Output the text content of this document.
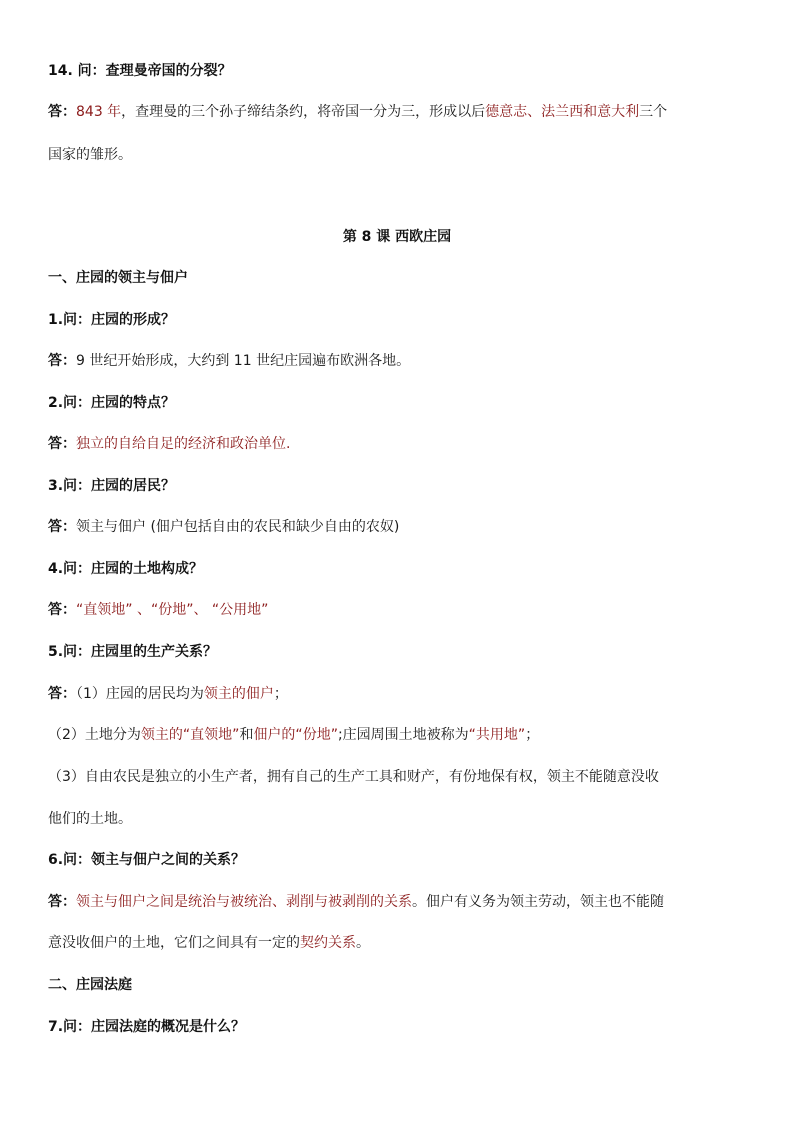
14. 问：查理曼帝国的分裂？
答：843 年，查理曼的三个孙子缔结条约，将帝国一分为三，形成以后德意志、法兰西和意大利三个
国家的雏形。
第 8 课 西欧庄园
一、庄园的领主与佃户
1.问：庄园的形成？
答：9 世纪开始形成，大约到 11 世纪庄园遍布欧洲各地。
2.问：庄园的特点？
答：独立的自给自足的经济和政治单位.
3.问：庄园的居民？
答：领主与佃户 (佃户包括自由的农民和缺少自由的农奴)
4.问：庄园的土地构成？
答：“直领地” 、“份地”、 “公用地”
5.问：庄园里的生产关系？
答：（1）庄园的居民均为领主的佃户；
（2）土地分为领主的“直领地”和佃户的“份地”;庄园周围土地被称为“共用地”；
（3）自由农民是独立的小生产者，拥有自己的生产工具和财产，有份地保有权，领主不能随意没收
他们的土地。
6.问：领主与佃户之间的关系？
答：领主与佃户之间是统治与被统治、剥削与被剥削的关系。佃户有义务为领主劳动，领主也不能随
意没收佃户的土地，它们之间具有一定的契约关系。
二、庄园法庭
7.问：庄园法庭的概况是什么？
